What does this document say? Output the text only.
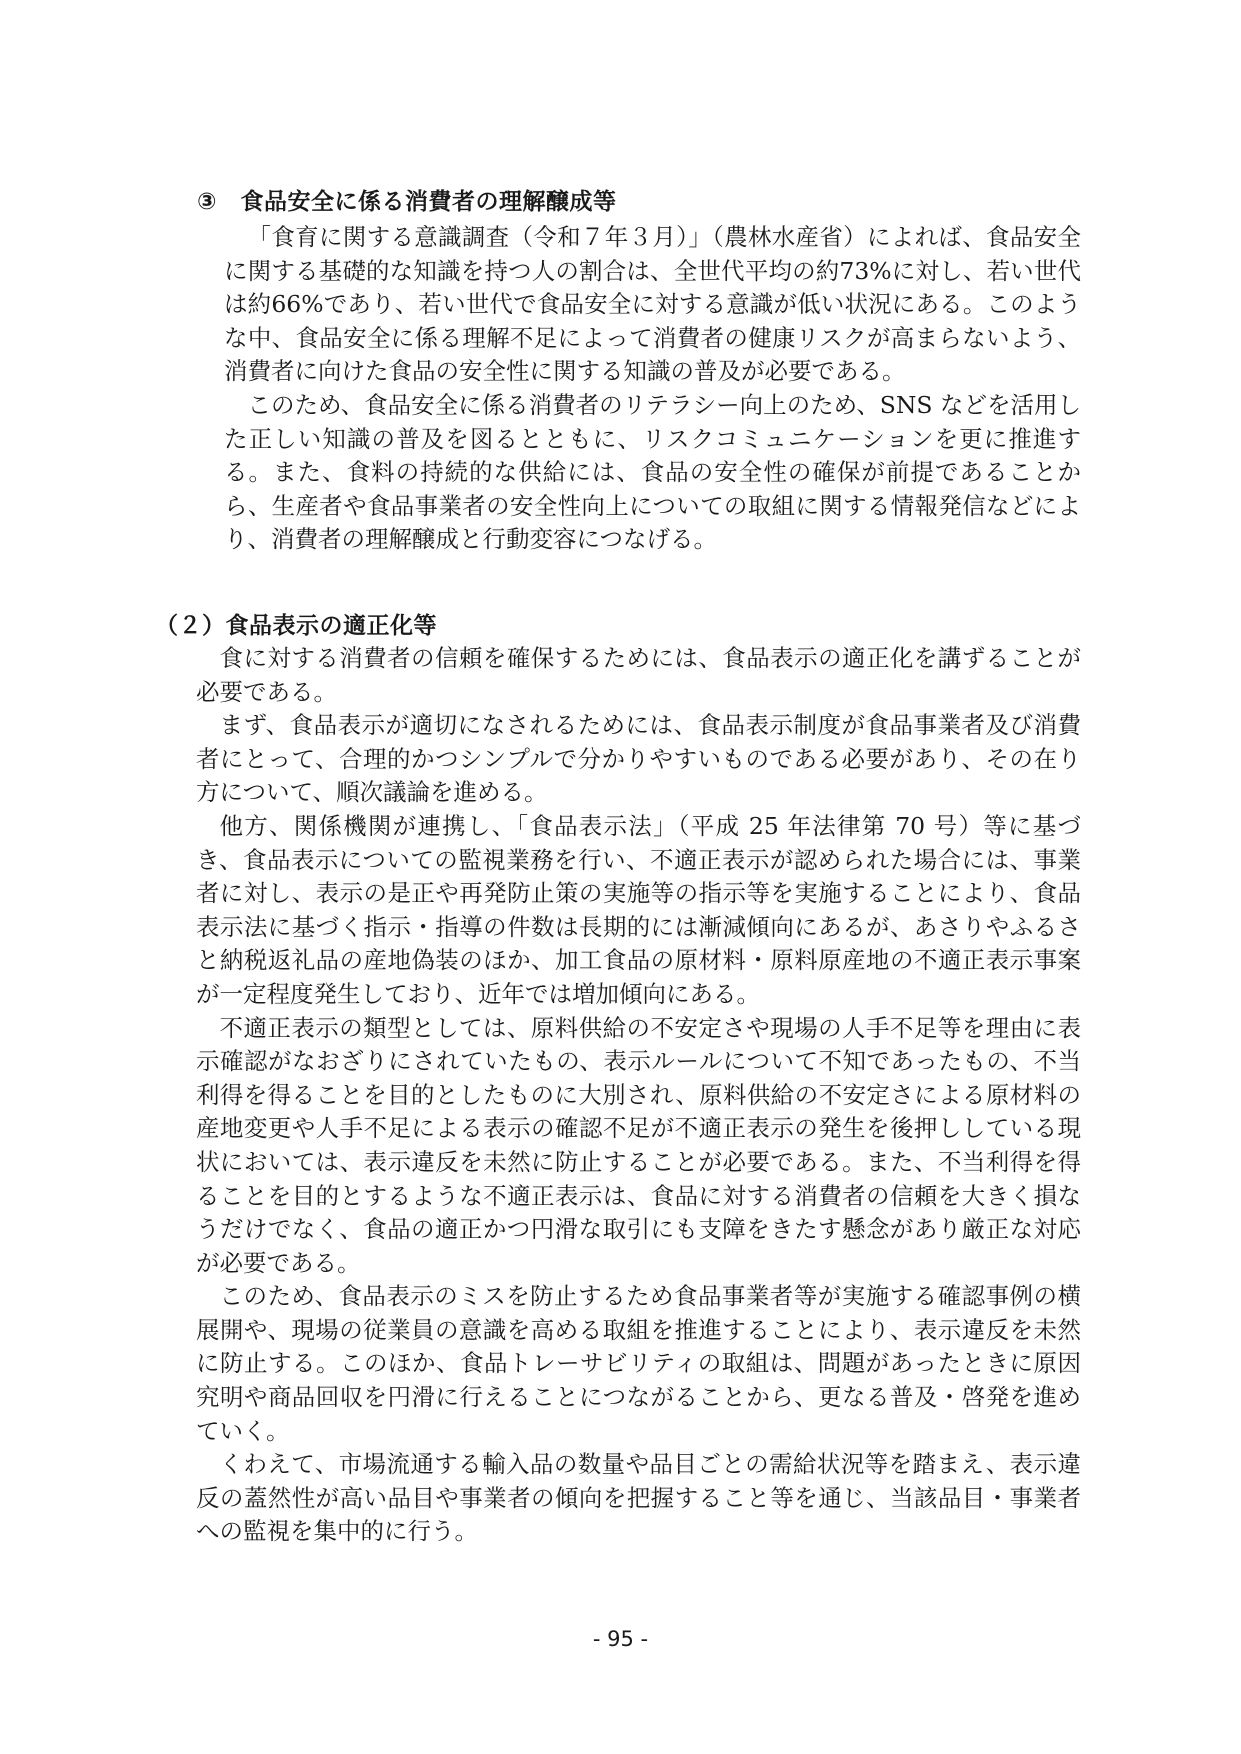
③　食品安全に係る消費者の理解醸成等

「食育に関する意識調査（令和７年３月）」（農林水産省）によれば、食品安全に関する基礎的な知識を持つ人の割合は、全世代平均の約73%に対し、若い世代は約66%であり、若い世代で食品安全に対する意識が低い状況にある。このような中、食品安全に係る理解不足によって消費者の健康リスクが高まらないよう、消費者に向けた食品の安全性に関する知識の普及が必要である。

このため、食品安全に係る消費者のリテラシー向上のため、SNS などを活用した正しい知識の普及を図るとともに、リスクコミュニケーションを更に推進する。また、食料の持続的な供給には、食品の安全性の確保が前提であることから、生産者や食品事業者の安全性向上についての取組に関する情報発信などにより、消費者の理解醸成と行動変容につなげる。

（２）食品表示の適正化等

食に対する消費者の信頼を確保するためには、食品表示の適正化を講ずることが必要である。

まず、食品表示が適切になされるためには、食品表示制度が食品事業者及び消費者にとって、合理的かつシンプルで分かりやすいものである必要があり、その在り方について、順次議論を進める。

他方、関係機関が連携し、「食品表示法」（平成 25 年法律第 70 号）等に基づき、食品表示についての監視業務を行い、不適正表示が認められた場合には、事業者に対し、表示の是正や再発防止策の実施等の指示等を実施することにより、食品表示法に基づく指示・指導の件数は長期的には漸減傾向にあるが、あさりやふるさと納税返礼品の産地偽装のほか、加工食品の原材料・原料原産地の不適正表示事案が一定程度発生しており、近年では増加傾向にある。

不適正表示の類型としては、原料供給の不安定さや現場の人手不足等を理由に表示確認がなおざりにされていたもの、表示ルールについて不知であったもの、不当利得を得ることを目的としたものに大別され、原料供給の不安定さによる原材料の産地変更や人手不足による表示の確認不足が不適正表示の発生を後押ししている現状においては、表示違反を未然に防止することが必要である。また、不当利得を得ることを目的とするような不適正表示は、食品に対する消費者の信頼を大きく損なうだけでなく、食品の適正かつ円滑な取引にも支障をきたす懸念があり厳正な対応が必要である。

このため、食品表示のミスを防止するため食品事業者等が実施する確認事例の横展開や、現場の従業員の意識を高める取組を推進することにより、表示違反を未然に防止する。このほか、食品トレーサビリティの取組は、問題があったときに原因究明や商品回収を円滑に行えることにつながることから、更なる普及・啓発を進めていく。

くわえて、市場流通する輸入品の数量や品目ごとの需給状況等を踏まえ、表示違反の蓋然性が高い品目や事業者の傾向を把握すること等を通じ、当該品目・事業者への監視を集中的に行う。

- 95 -
